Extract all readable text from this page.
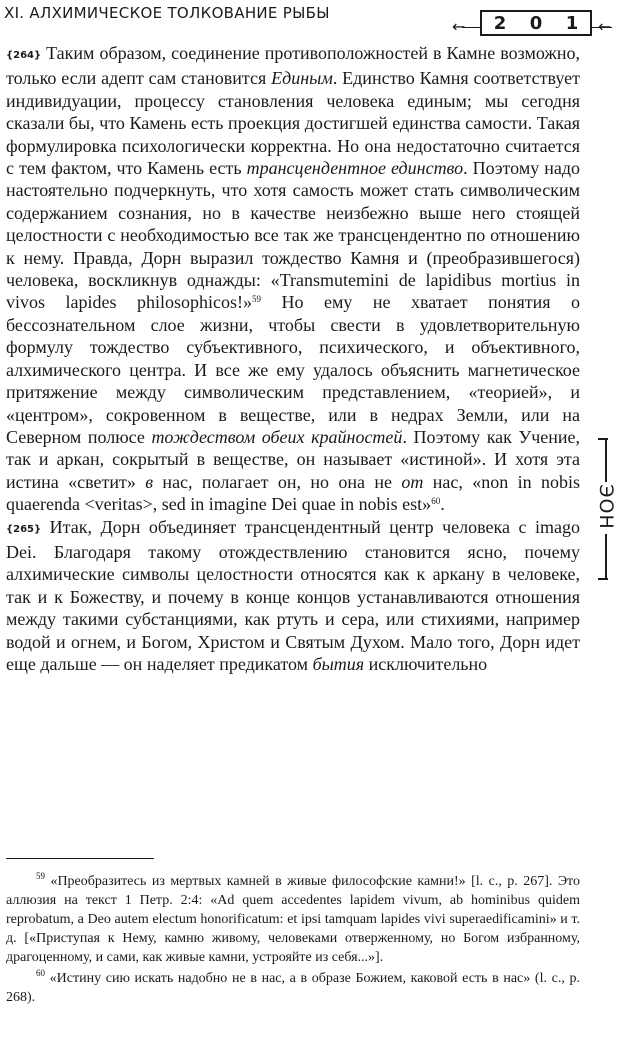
XI. АЛХИМИЧЕСКОЕ ТОЛКОВАНИЕ РЫБЫ
← 2 0 1 ←

{264} Таким образом, соединение противоположностей в Камне возможно, только если адепт сам становится Единым. Единство Камня соответствует индивидуации, процессу становления человека единым; мы сегодня сказали бы, что Камень есть проекция достигшей единства самости. Такая формулировка психологически корректна. Но она недостаточно считается с тем фактом, что Камень есть трансцендентное единство. Поэтому надо настоятельно подчеркнуть, что хотя самость может стать символическим содержанием сознания, но в качестве неизбежно выше него стоящей целостности с необходимостью все так же трансцендентно по отношению к нему. Правда, Дорн выразил тождество Камня и (преобразившегося) человека, воскликнув однажды: «Transmutemini de lapidibus mortius in vivos lapides philosophicos!»$^{59}$ Но ему не хватает понятия о бессознательном слое жизни, чтобы свести в удовлетворительную формулу тождество субъективного, психического, и объективного, алхимического центра. И все же ему удалось объяснить магнетическое притяжение между символическим представлением, «теорией», и «центром», сокровенном в веществе, или в недрах Земли, или на Северном полюсе тождеством обеих крайностей. Поэтому как Учение, так и аркан, сокрытый в веществе, он называет «истиной». И хотя эта истина «светит» в нас, полагает он, но она не от нас, «non in nobis quaerenda <veritas>, sed in imagine Dei quae in nobis est»$^{60}$.

{265} Итак, Дорн объединяет трансцендентный центр человека с imago Dei. Благодаря такому отождествлению становится ясно, почему алхимические символы целостности относятся как к аркану в человеке, так и к Божеству, и почему в конце концов устанавливаются отношения между такими субстанциями, как ртуть и сера, или стихиями, например водой и огнем, и Богом, Христом и Святым Духом. Мало того, Дорн идет еще дальше — он наделяет предикатом бытия исключительно

ЭОН

$^{59}$ «Преобразитесь из мертвых камней в живые философские камни!» [l. c., p. 267]. Это аллюзия на текст 1 Петр. 2:4: «Ad quem accedentes lapidem vivum, ab hominibus quidem reprobatum, a Deo autem electum honorificatum: et ipsi tamquam lapides vivi superaedificamini» и т. д. [«Приступая к Нему, камню живому, человеками отверженному, но Богом избранному, драгоценному, и сами, как живые камни, устрояйте из себя...»].

$^{60}$ «Истину сию искать надобно не в нас, а в образе Божием, каковой есть в нас» (l. c., p. 268).
